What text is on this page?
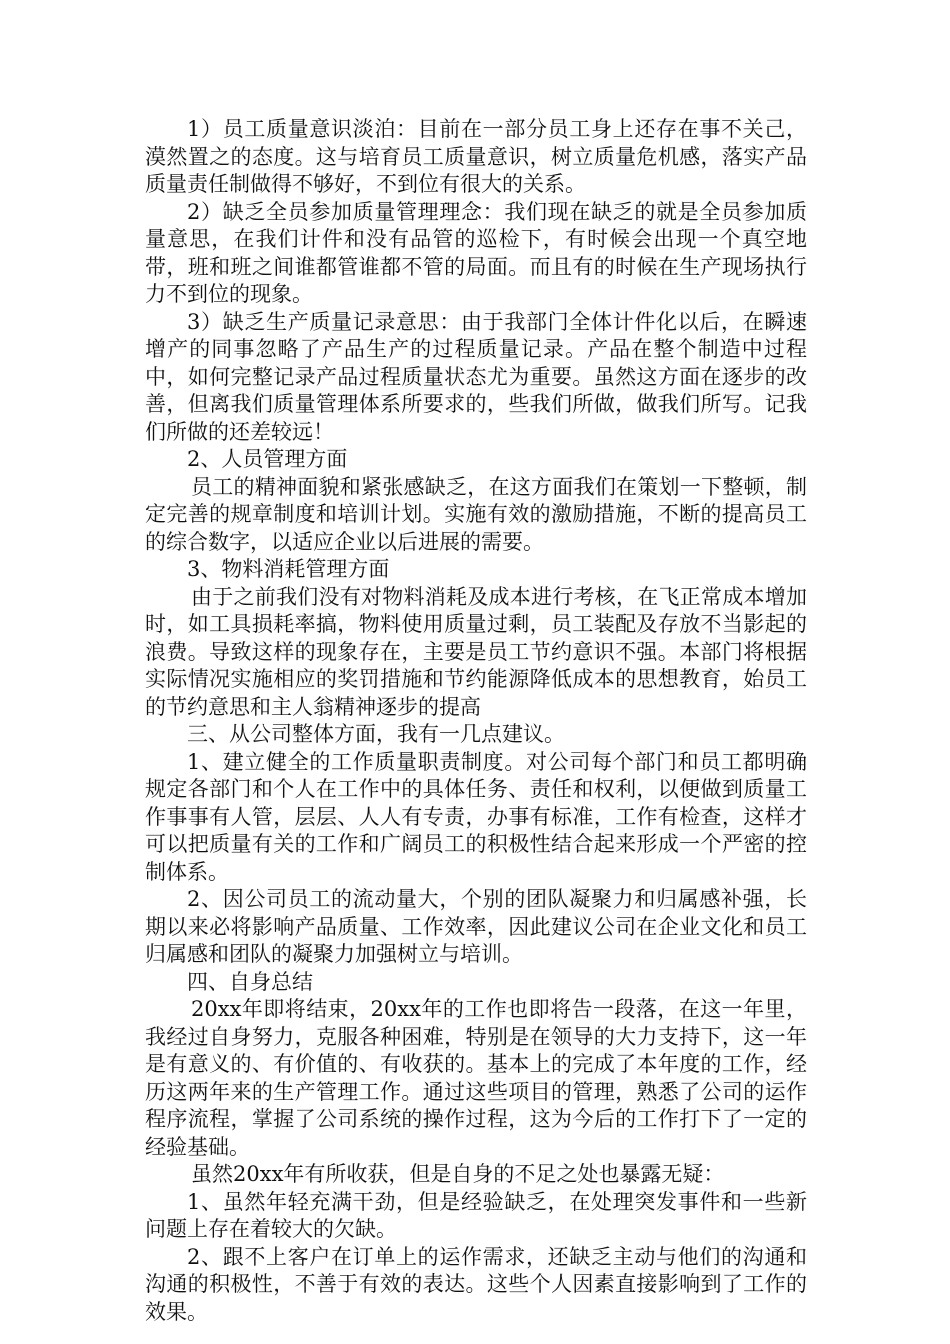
1）员工质量意识淡泊：目前在一部分员工身上还存在事不关己，漠然置之的态度。这与培育员工质量意识，树立质量危机感，落实产品质量责任制做得不够好，不到位有很大的关系。

2）缺乏全员参加质量管理理念：我们现在缺乏的就是全员参加质量意思，在我们计件和没有品管的巡检下，有时候会出现一个真空地带，班和班之间谁都管谁都不管的局面。而且有的时候在生产现场执行力不到位的现象。

3）缺乏生产质量记录意思：由于我部门全体计件化以后，在瞬速增产的同事忽略了产品生产的过程质量记录。产品在整个制造中过程中，如何完整记录产品过程质量状态尤为重要。虽然这方面在逐步的改善，但离我们质量管理体系所要求的，些我们所做，做我们所写。记我们所做的还差较远！

2、人员管理方面

员工的精神面貌和紧张感缺乏，在这方面我们在策划一下整顿，制定完善的规章制度和培训计划。实施有效的激励措施，不断的提高员工的综合数字，以适应企业以后进展的需要。

3、物料消耗管理方面

由于之前我们没有对物料消耗及成本进行考核，在飞正常成本增加时，如工具损耗率搞，物料使用质量过剩，员工装配及存放不当影起的浪费。导致这样的现象存在，主要是员工节约意识不强。本部门将根据实际情况实施相应的奖罚措施和节约能源降低成本的思想教育，始员工的节约意思和主人翁精神逐步的提高

三、从公司整体方面，我有一几点建议。

1、建立健全的工作质量职责制度。对公司每个部门和员工都明确规定各部门和个人在工作中的具体任务、责任和权利，以便做到质量工作事事有人管，层层、人人有专责，办事有标准，工作有检查，这样才可以把质量有关的工作和广阔员工的积极性结合起来形成一个严密的控制体系。

2、因公司员工的流动量大，个别的团队凝聚力和归属感补强，长期以来必将影响产品质量、工作效率，因此建议公司在企业文化和员工归属感和团队的凝聚力加强树立与培训。

四、自身总结

20xx年即将结束，20xx年的工作也即将告一段落，在这一年里，我经过自身努力，克服各种困难，特别是在领导的大力支持下，这一年是有意义的、有价值的、有收获的。基本上的完成了本年度的工作，经历这两年来的生产管理工作。通过这些项目的管理，熟悉了公司的运作程序流程，掌握了公司系统的操作过程，这为今后的工作打下了一定的经验基础。

虽然20xx年有所收获，但是自身的不足之处也暴露无疑：

1、虽然年轻充满干劲，但是经验缺乏，在处理突发事件和一些新问题上存在着较大的欠缺。

2、跟不上客户在订单上的运作需求，还缺乏主动与他们的沟通和沟通的积极性，不善于有效的表达。这些个人因素直接影响到了工作的效果。
